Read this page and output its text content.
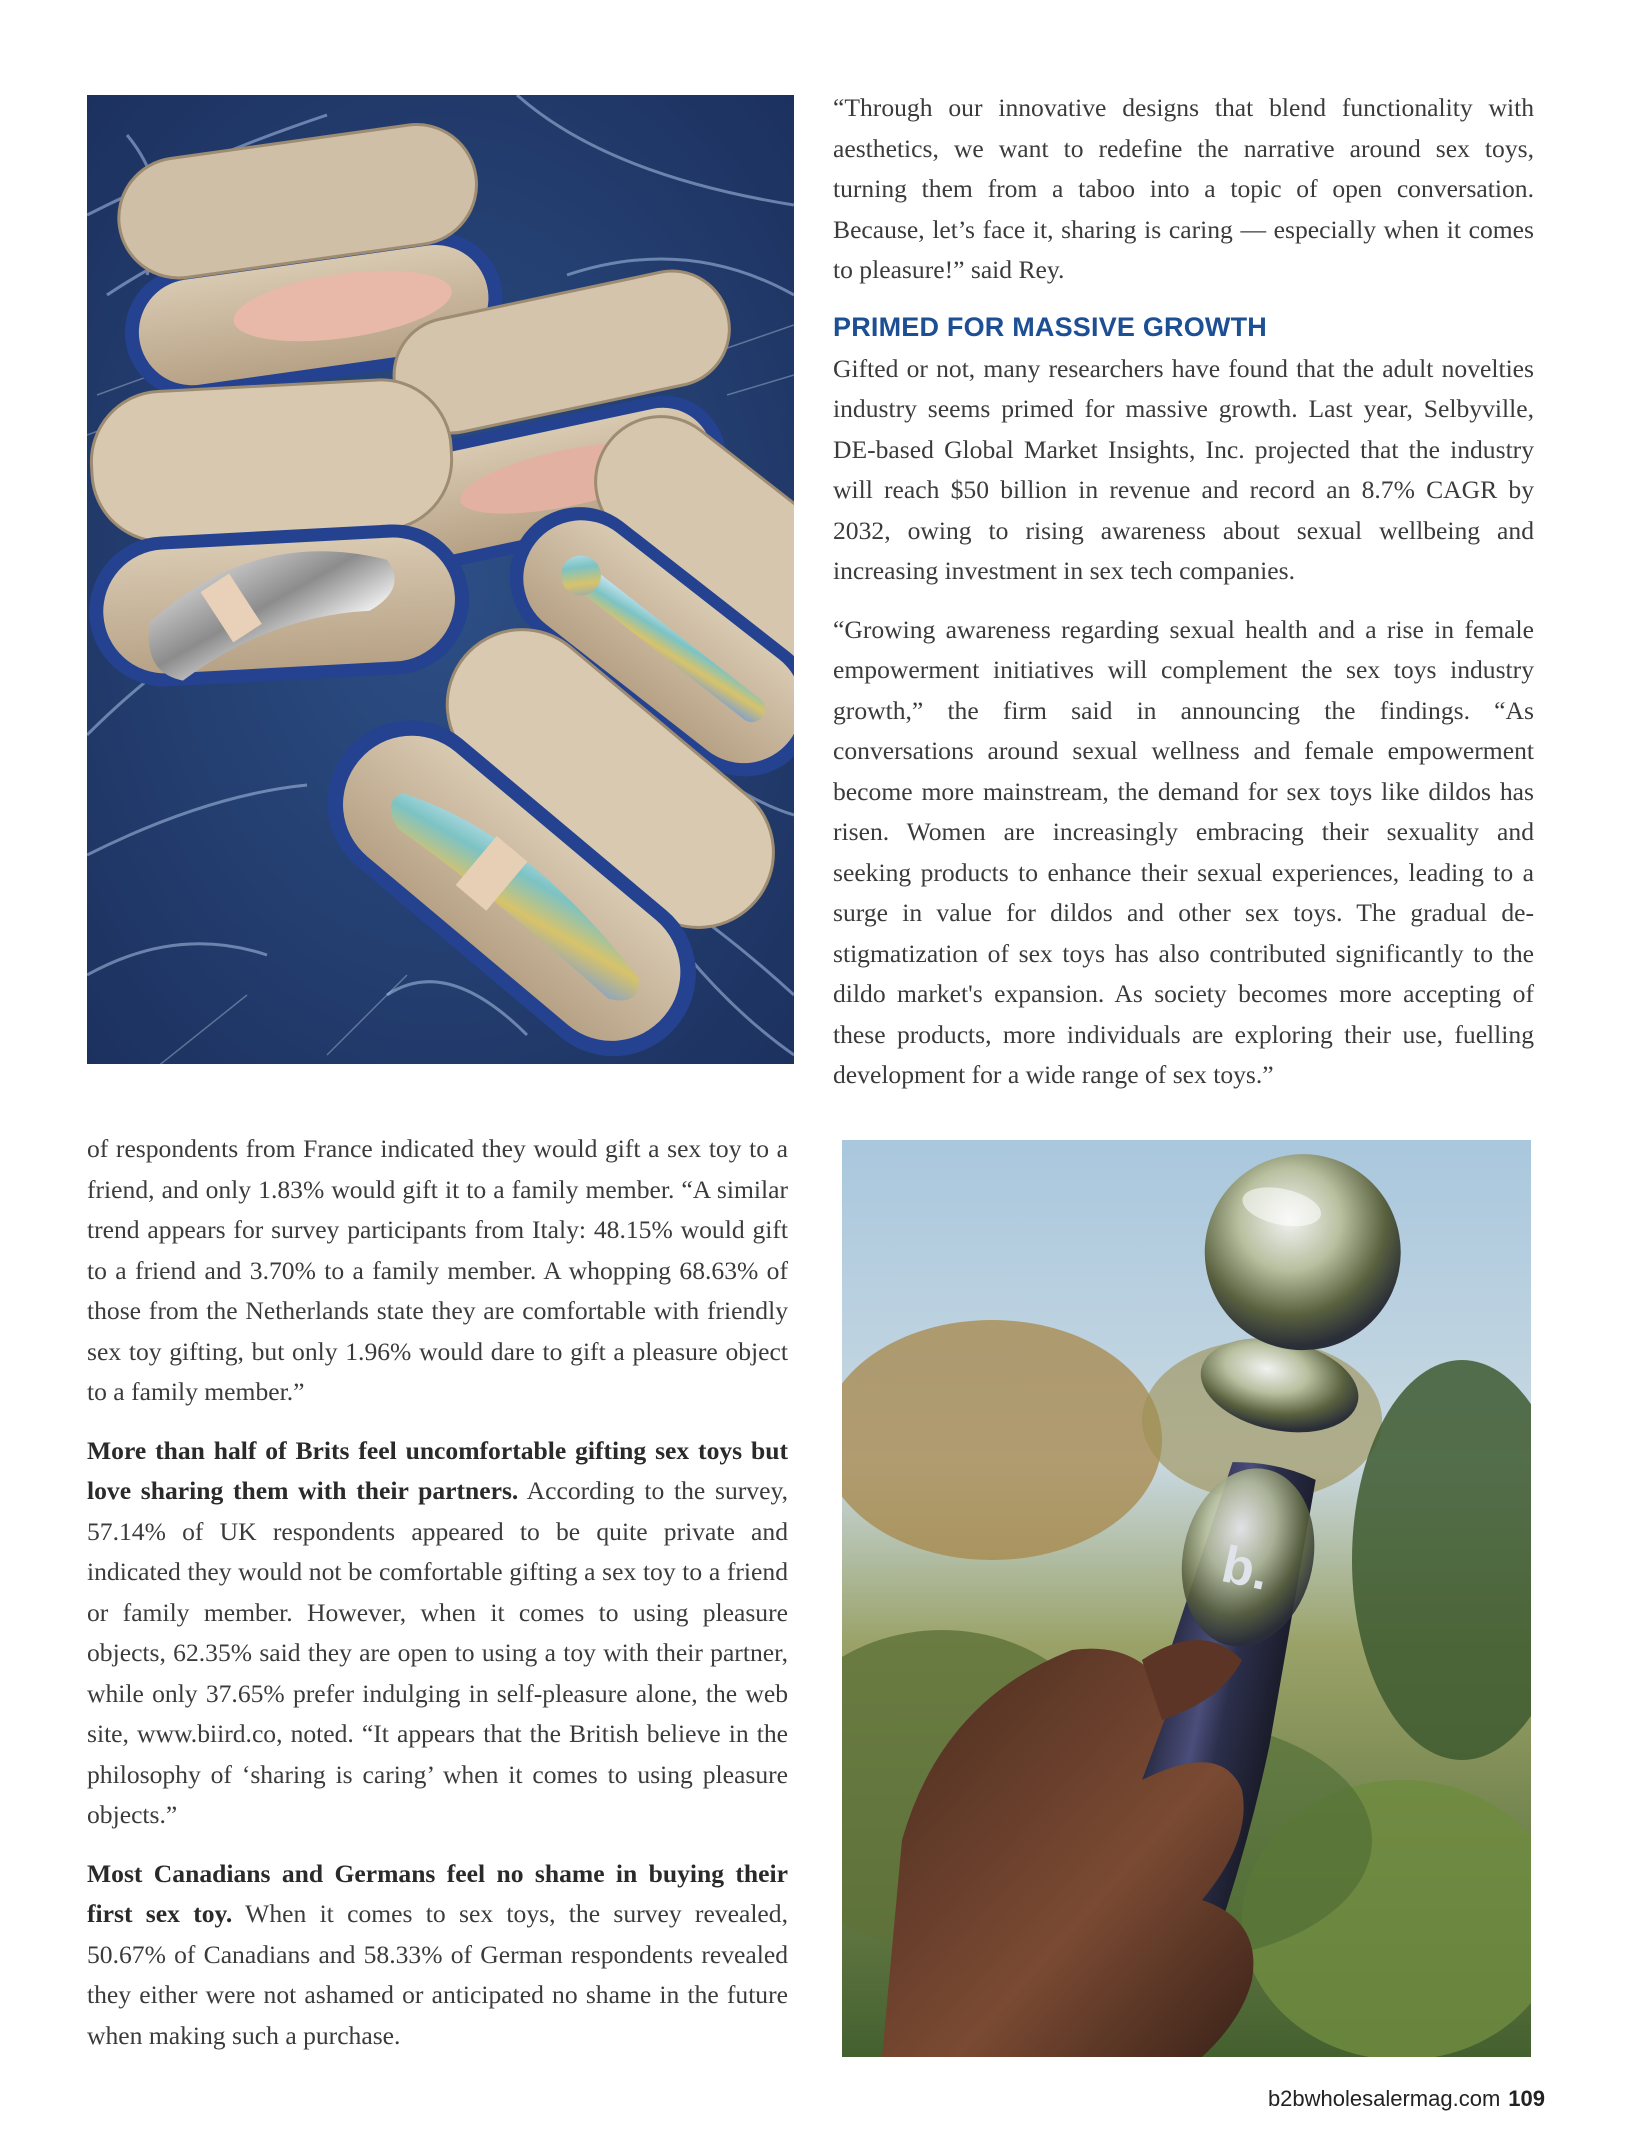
“Through our innovative designs that blend functionality with aesthetics, we want to redefine the narrative around sex toys, turning them from a taboo into a topic of open conversation. Because, let’s face it, sharing is caring — especially when it comes to pleasure!” said Rey.

PRIMED FOR MASSIVE GROWTH

Gifted or not, many researchers have found that the adult novelties industry seems primed for massive growth. Last year, Selbyville, DE-based Global Market Insights, Inc. projected that the industry will reach $50 billion in revenue and record an 8.7% CAGR by 2032, owing to rising awareness about sexual wellbeing and increasing investment in sex tech companies.

“Growing awareness regarding sexual health and a rise in female empowerment initiatives will complement the sex toys industry growth,” the firm said in announcing the findings. “As conversations around sexual wellness and female empowerment become more mainstream, the demand for sex toys like dildos has risen. Women are increasingly embracing their sexuality and seeking products to enhance their sexual experiences, leading to a surge in value for dildos and other sex toys. The gradual de-stigmatization of sex toys has also contributed significantly to the dildo market's expansion. As society becomes more accepting of these products, more individuals are exploring their use, fuelling development for a wide range of sex toys.”

of respondents from France indicated they would gift a sex toy to a friend, and only 1.83% would gift it to a family member. “A similar trend appears for survey participants from Italy: 48.15% would gift to a friend and 3.70% to a family member. A whopping 68.63% of those from the Netherlands state they are comfortable with friendly sex toy gifting, but only 1.96% would dare to gift a pleasure object to a family member.”

More than half of Brits feel uncomfortable gifting sex toys but love sharing them with their partners. According to the survey, 57.14% of UK respondents appeared to be quite private and indicated they would not be comfortable gifting a sex toy to a friend or family member. However, when it comes to using pleasure objects, 62.35% said they are open to using a toy with their partner, while only 37.65% prefer indulging in self-pleasure alone, the web site, www.biird.co, noted. “It appears that the British believe in the philosophy of ‘sharing is caring’ when it comes to using pleasure objects.”

Most Canadians and Germans feel no shame in buying their first sex toy. When it comes to sex toys, the survey revealed, 50.67% of Canadians and 58.33% of German respondents revealed they either were not ashamed or anticipated no shame in the future when making such a purchase.

b.
b2bwholesalermag.com 109
